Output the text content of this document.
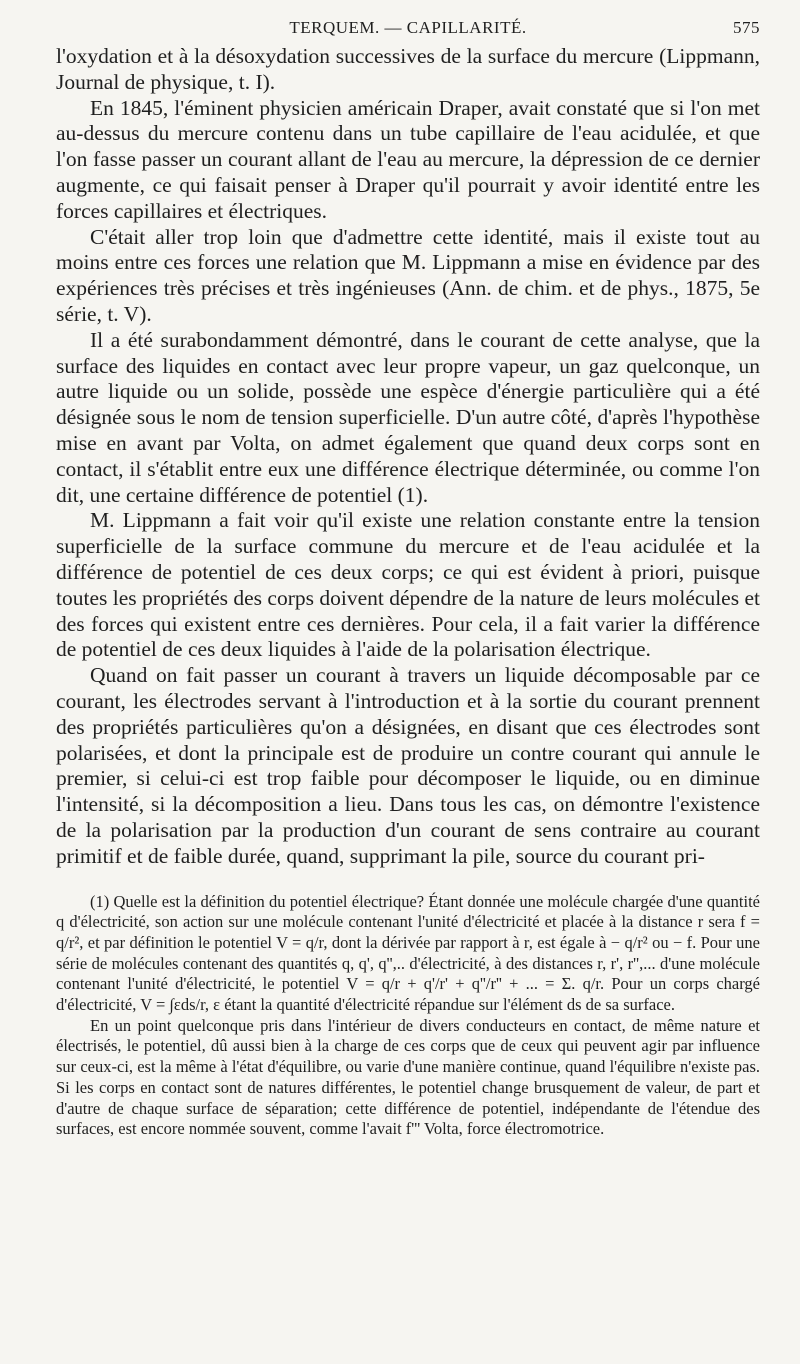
TERQUEM. — CAPILLARITÉ.	575

l'oxydation et à la désoxydation successives de la surface du mercure (Lippmann, Journal de physique, t. I).

En 1845, l'éminent physicien américain Draper, avait constaté que si l'on met au-dessus du mercure contenu dans un tube capillaire de l'eau acidulée, et que l'on fasse passer un courant allant de l'eau au mercure, la dépression de ce dernier augmente, ce qui faisait penser à Draper qu'il pourrait y avoir identité entre les forces capillaires et électriques.

C'était aller trop loin que d'admettre cette identité, mais il existe tout au moins entre ces forces une relation que M. Lippmann a mise en évidence par des expériences très précises et très ingénieuses (Ann. de chim. et de phys., 1875, 5e série, t. V).

Il a été surabondamment démontré, dans le courant de cette analyse, que la surface des liquides en contact avec leur propre vapeur, un gaz quelconque, un autre liquide ou un solide, possède une espèce d'énergie particulière qui a été désignée sous le nom de tension superficielle. D'un autre côté, d'après l'hypothèse mise en avant par Volta, on admet également que quand deux corps sont en contact, il s'établit entre eux une différence électrique déterminée, ou comme l'on dit, une certaine différence de potentiel (1).

M. Lippmann a fait voir qu'il existe une relation constante entre la tension superficielle de la surface commune du mercure et de l'eau acidulée et la différence de potentiel de ces deux corps; ce qui est évident à priori, puisque toutes les propriétés des corps doivent dépendre de la nature de leurs molécules et des forces qui existent entre ces dernières. Pour cela, il a fait varier la différence de potentiel de ces deux liquides à l'aide de la polarisation électrique.

Quand on fait passer un courant à travers un liquide décomposable par ce courant, les électrodes servant à l'introduction et à la sortie du courant prennent des propriétés particulières qu'on a désignées, en disant que ces électrodes sont polarisées, et dont la principale est de produire un contre courant qui annule le premier, si celui-ci est trop faible pour décomposer le liquide, ou en diminue l'intensité, si la décomposition a lieu. Dans tous les cas, on démontre l'existence de la polarisation par la production d'un courant de sens contraire au courant primitif et de faible durée, quand, supprimant la pile, source du courant pri-

(1) Quelle est la définition du potentiel électrique? Étant donnée une molécule chargée d'une quantité q d'électricité, son action sur une molécule contenant l'unité d'électricité et placée à la distance r sera f = q/r², et par définition le potentiel V = q/r, dont la dérivée par rapport à r, est égale à − q/r² ou − f. Pour une série de molécules contenant des quantités q, q', q'',.. d'électricité, à des distances r, r', r'',... d'une molécule contenant l'unité d'électricité, le potentiel V = q/r + q'/r' + q''/r'' + ... = Σ. q/r. Pour un corps chargé d'électricité, V = ∫εds/r, ε étant la quantité d'électricité répandue sur l'élément ds de sa surface.

En un point quelconque pris dans l'intérieur de divers conducteurs en contact, de même nature et électrisés, le potentiel, dû aussi bien à la charge de ces corps que de ceux qui peuvent agir par influence sur ceux-ci, est la même à l'état d'équilibre, ou varie d'une manière continue, quand l'équilibre n'existe pas. Si les corps en contact sont de natures différentes, le potentiel change brusquement de valeur, de part et d'autre de chaque surface de séparation; cette différence de potentiel, indépendante de l'étendue des surfaces, est encore nommée souvent, comme l'avait f''' Volta, force électromotrice.
